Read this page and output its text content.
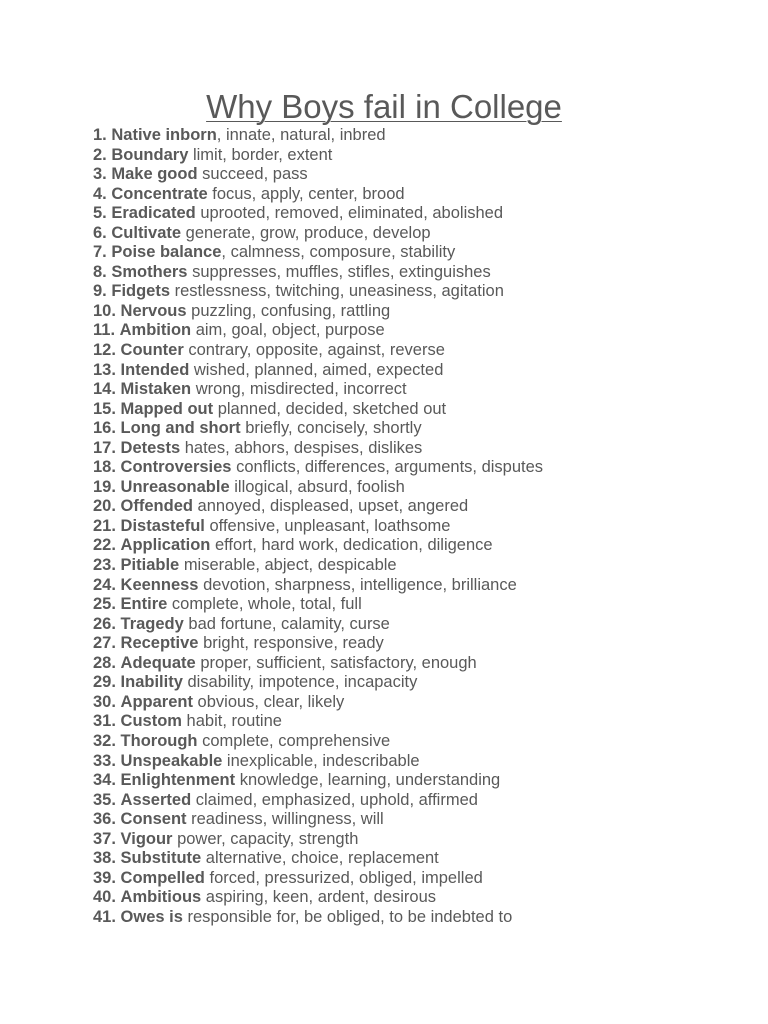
Why Boys fail in College
1. Native inborn, innate, natural, inbred
2. Boundary limit, border, extent
3. Make good succeed, pass
4. Concentrate focus, apply, center, brood
5. Eradicated uprooted, removed, eliminated, abolished
6. Cultivate generate, grow, produce, develop
7. Poise balance, calmness, composure, stability
8. Smothers suppresses, muffles, stifles, extinguishes
9. Fidgets restlessness, twitching, uneasiness, agitation
10. Nervous puzzling, confusing, rattling
11. Ambition aim, goal, object, purpose
12. Counter contrary, opposite, against, reverse
13. Intended wished, planned, aimed, expected
14. Mistaken wrong, misdirected, incorrect
15. Mapped out planned, decided, sketched out
16. Long and short briefly, concisely, shortly
17. Detests hates, abhors, despises, dislikes
18. Controversies conflicts, differences, arguments, disputes
19. Unreasonable illogical, absurd, foolish
20. Offended annoyed, displeased, upset, angered
21. Distasteful offensive, unpleasant, loathsome
22. Application effort, hard work, dedication, diligence
23. Pitiable miserable, abject, despicable
24. Keenness devotion, sharpness, intelligence, brilliance
25. Entire complete, whole, total, full
26. Tragedy bad fortune, calamity, curse
27. Receptive bright, responsive, ready
28. Adequate proper, sufficient, satisfactory, enough
29. Inability disability, impotence, incapacity
30. Apparent obvious, clear, likely
31. Custom habit, routine
32. Thorough complete, comprehensive
33. Unspeakable inexplicable, indescribable
34. Enlightenment knowledge, learning, understanding
35. Asserted claimed, emphasized, uphold, affirmed
36. Consent readiness, willingness, will
37. Vigour power, capacity, strength
38. Substitute alternative, choice, replacement
39. Compelled forced, pressurized, obliged, impelled
40. Ambitious aspiring, keen, ardent, desirous
41. Owes is responsible for, be obliged, to be indebted to
